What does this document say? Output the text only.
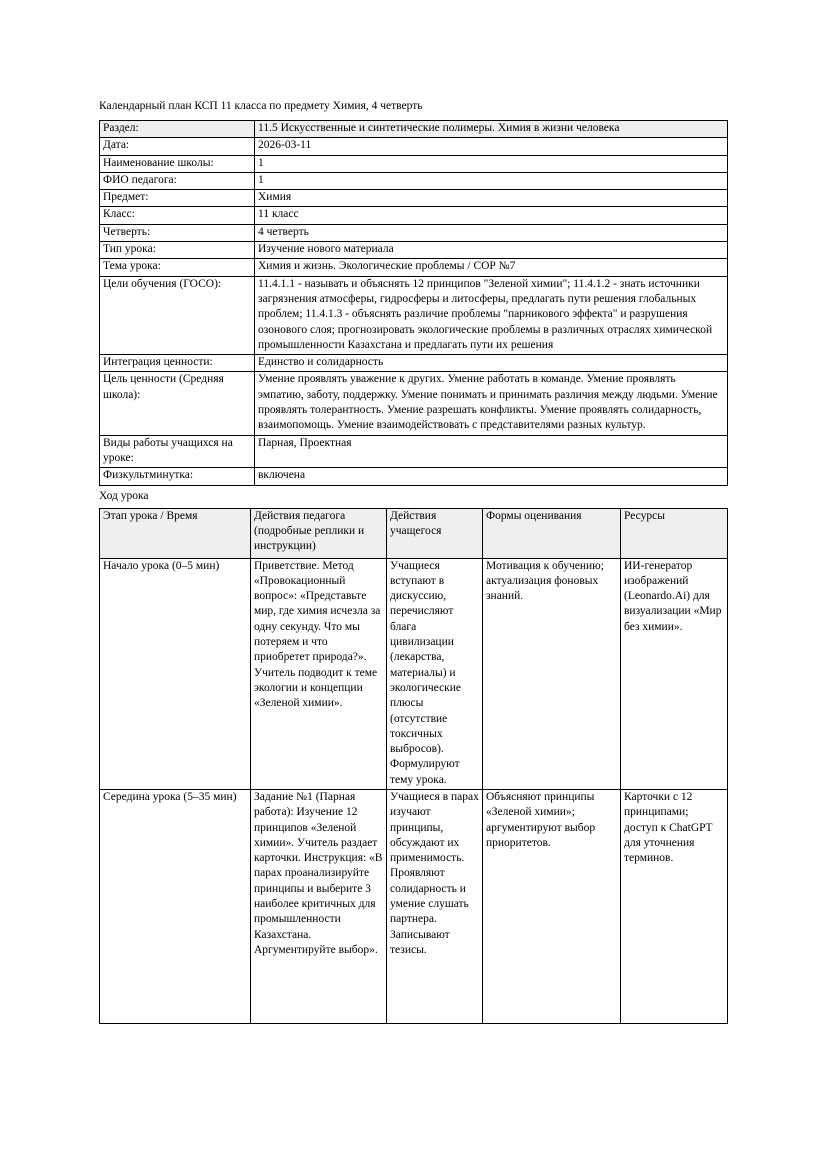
Календарный план КСП 11 класса по предмету Химия, 4 четверть

Раздел:	11.5 Искусственные и синтетические полимеры. Химия в жизни человека
Дата:	2026-03-11
Наименование школы:	1
ФИО педагога:	1
Предмет:	Химия
Класс:	11 класс
Четверть:	4 четверть
Тип урока:	Изучение нового материала
Тема урока:	Химия и жизнь. Экологические проблемы / СОР №7
Цели обучения (ГОСО):	11.4.1.1 - называть и объяснять 12 принципов "Зеленой химии"; 11.4.1.2 - знать источники загрязнения атмосферы, гидросферы и литосферы, предлагать пути решения глобальных проблем; 11.4.1.3 - объяснять различие проблемы "парникового эффекта" и разрушения озонового слоя; прогнозировать экологические проблемы в различных отраслях химической промышленности Казахстана и предлагать пути их решения
Интеграция ценности:	Единство и солидарность
Цель ценности (Средняя школа):	Умение проявлять уважение к других. Умение работать в команде. Умение проявлять эмпатию, заботу, поддержку. Умение понимать и принимать различия между людьми. Умение проявлять толерантность. Умение разрешать конфликты. Умение проявлять солидарность, взаимопомощь. Умение взаимодействовать с представителями разных культур.
Виды работы учащихся на уроке:	Парная, Проектная
Физкультминутка:	включена

Ход урока

Этап урока / Время	Действия педагога (подробные реплики и инструкции)	Действия учащегося	Формы оценивания	Ресурсы
Начало урока (0–5 мин)	Приветствие. Метод «Провокационный вопрос»: «Представьте мир, где химия исчезла за одну секунду. Что мы потеряем и что приобретет природа?». Учитель подводит к теме экологии и концепции «Зеленой химии».	Учащиеся вступают в дискуссию, перечисляют блага цивилизации (лекарства, материалы) и экологические плюсы (отсутствие токсичных выбросов). Формулируют тему урока.	Мотивация к обучению; актуализация фоновых знаний.	ИИ-генератор изображений (Leonardo.Ai) для визуализации «Мир без химии».
Середина урока (5–35 мин)	Задание №1 (Парная работа): Изучение 12 принципов «Зеленой химии». Учитель раздает карточки. Инструкция: «В парах проанализируйте принципы и выберите 3 наиболее критичных для промышленности Казахстана. Аргументируйте выбор».	Учащиеся в парах изучают принципы, обсуждают их применимость. Проявляют солидарность и умение слушать партнера. Записывают тезисы.	Объясняют принципы «Зеленой химии»; аргументируют выбор приоритетов.	Карточки с 12 принципами; доступ к ChatGPT для уточнения терминов.
